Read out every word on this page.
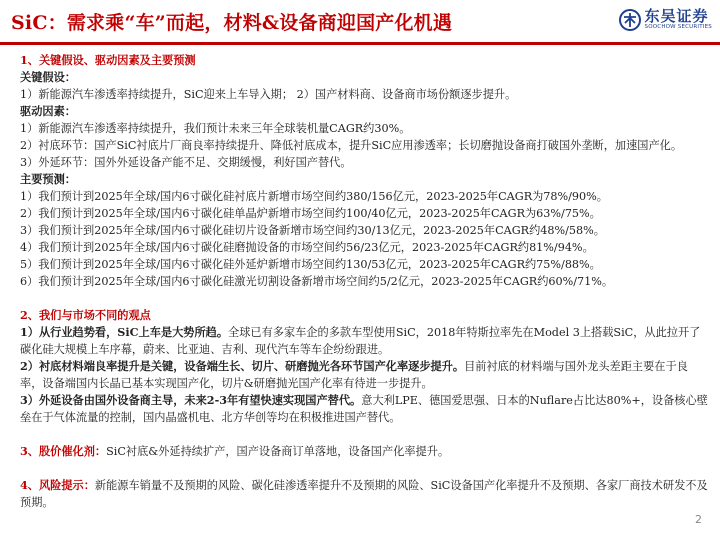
SiC：需求乘“车”而起，材料&设备商迎国产化机遇	东吴证券
SOOCHOW SECURITIES
1、关键假设、驱动因素及主要预测
关键假设：
1）新能源汽车渗透率持续提升，SiC迎来上车导入期； 2）国产材料商、设备商市场份额逐步提升。
驱动因素：
1）新能源汽车渗透率持续提升，我们预计未来三年全球装机量CAGR约30%。
2）衬底环节：国产SiC衬底片厂商良率持续提升、降低衬底成本，提升SiC应用渗透率；长切磨抛设备商打破国外垄断，加速国产化。
3）外延环节：国外外延设备产能不足、交期缓慢，利好国产替代。
主要预测：
1）我们预计到2025年全球/国内6寸碳化硅衬底片新增市场空间约380/156亿元，2023-2025年CAGR为78%/90%。
2）我们预计到2025年全球/国内6寸碳化硅单晶炉新增市场空间约100/40亿元，2023-2025年CAGR为63%/75%。
3）我们预计到2025年全球/国内6寸碳化硅切片设备新增市场空间约30/13亿元，2023-2025年CAGR约48%/58%。
4）我们预计到2025年全球/国内6寸碳化硅磨抛设备的市场空间约56/23亿元，2023-2025年CAGR约81%/94%。
5）我们预计到2025年全球/国内6寸碳化硅外延炉新增市场空间约130/53亿元，2023-2025年CAGR约75%/88%。
6）我们预计到2025年全球/国内6寸碳化硅激光切割设备新增市场空间约5/2亿元，2023-2025年CAGR约60%/71%。
2、我们与市场不同的观点
1）从行业趋势看，SiC上车是大势所趋。全球已有多家车企的多款车型使用SiC，2018年特斯拉率先在Model 3上搭载SiC，从此拉开了碳化硅大规模上车序幕，蔚来、比亚迪、吉利、现代汽车等车企纷纷跟进。
2）衬底材料端良率提升是关键，设备端生长、切片、研磨抛光各环节国产化率逐步提升。目前衬底的材料端与国外龙头差距主要在于良率，设备端国内长晶已基本实现国产化，切片&研磨抛光国产化率有待进一步提升。
3）外延设备由国外设备商主导，未来2-3年有望快速实现国产替代。意大利LPE、德国爱思强、日本的Nuflare占比达80%+，设备核心壁垒在于气体流量的控制，国内晶盛机电、北方华创等均在积极推进国产替代。
3、股价催化剂：SiC衬底&外延持续扩产，国产设备商订单落地，设备国产化率提升。
4、风险提示：新能源车销量不及预期的风险、碳化硅渗透率提升不及预期的风险、SiC设备国产化率提升不及预期、各家厂商技术研发不及预期。
2
